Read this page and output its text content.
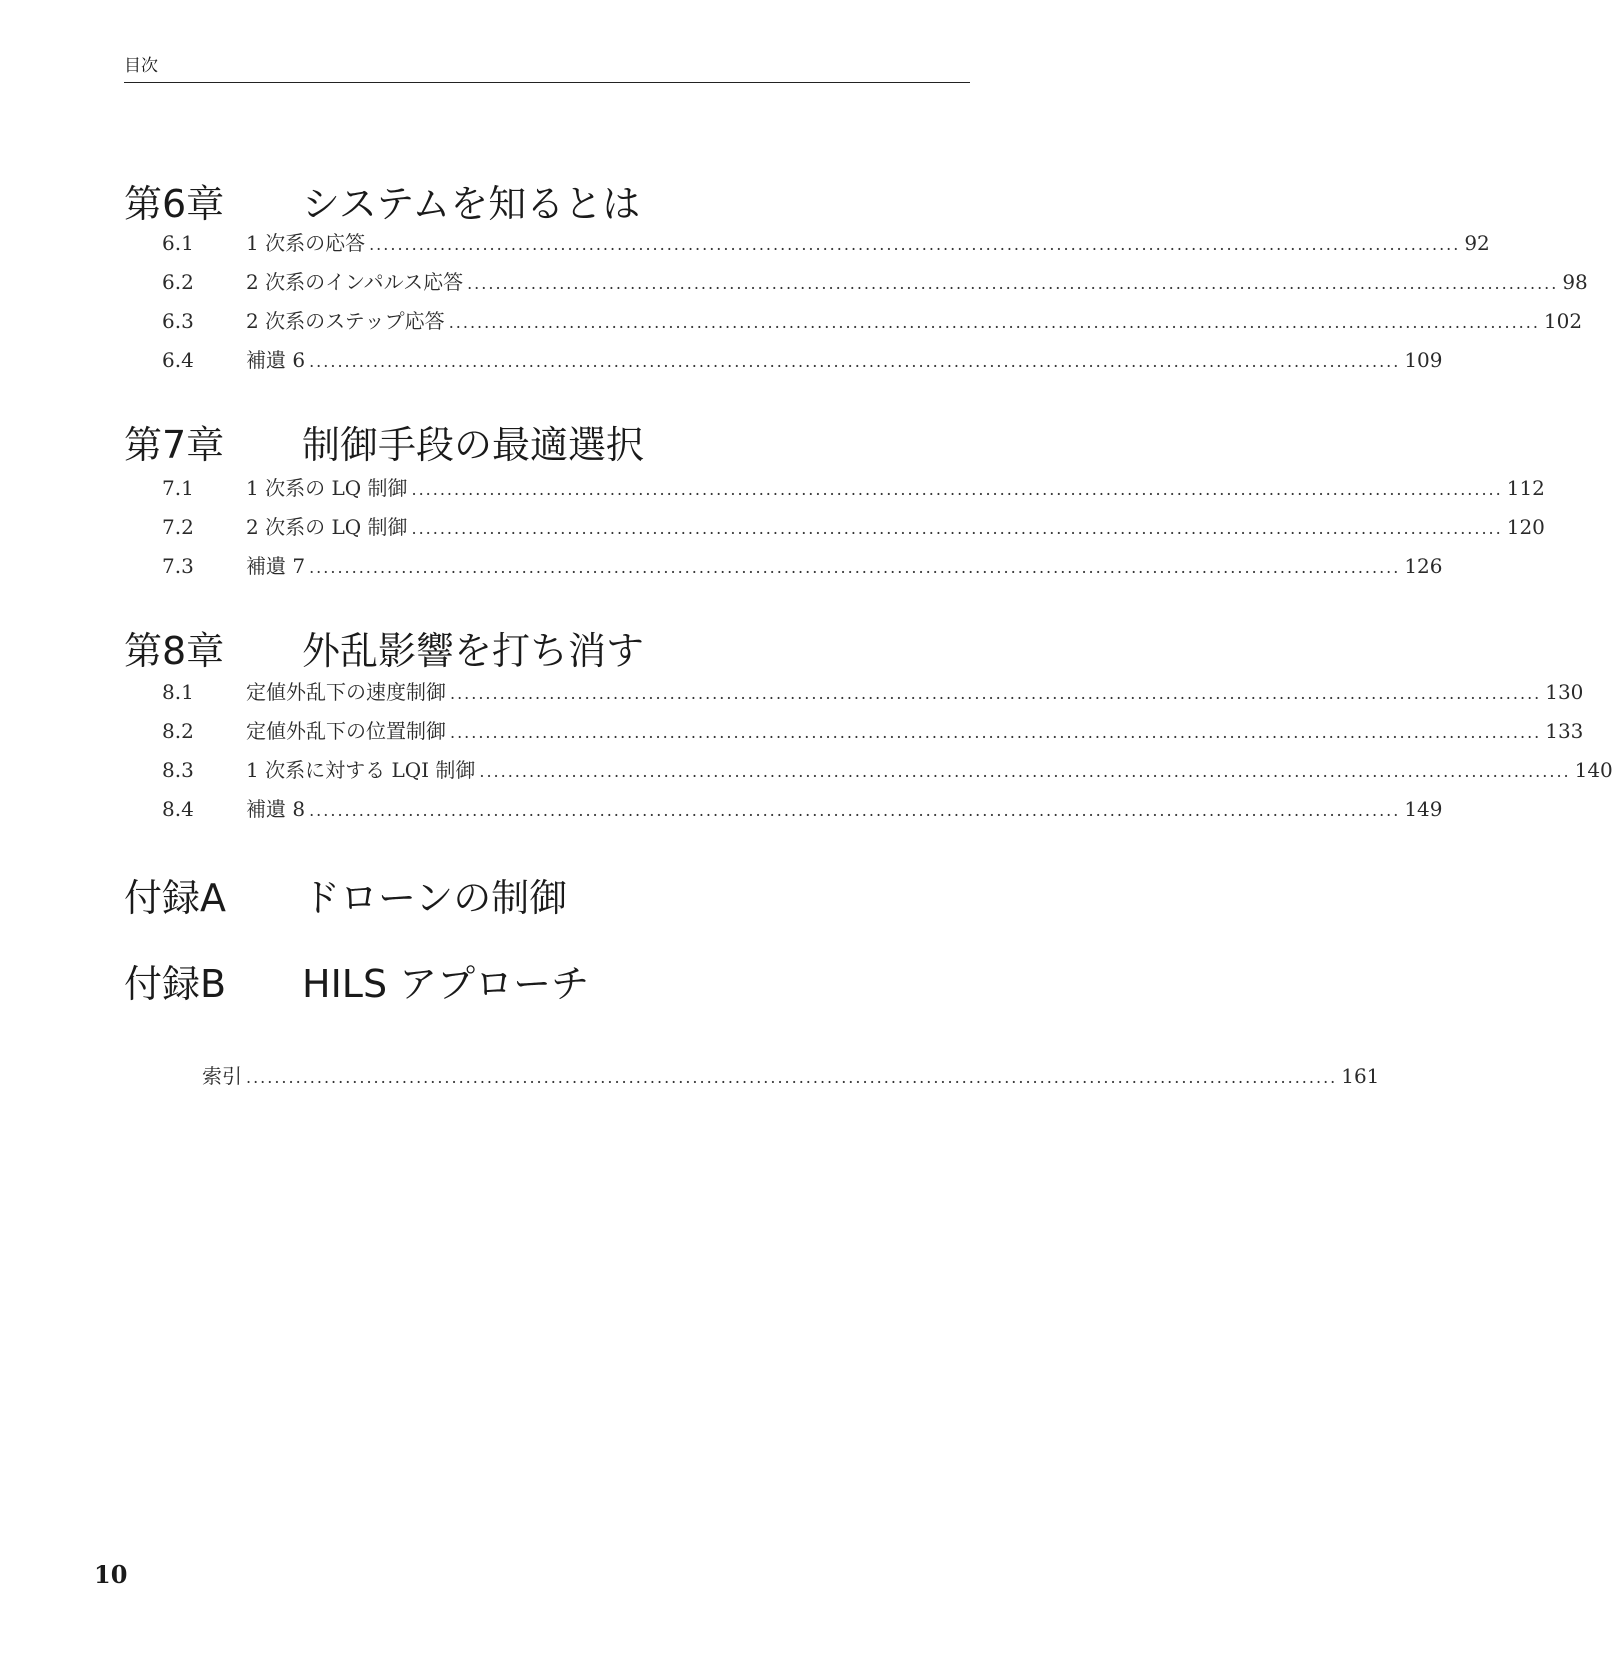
目次
第6章 システムを知るとは
6.1	1 次系の応答 .......................................................................................................................................................... 92
6.2	2 次系のインパルス応答 .......................................................................................................................................................... 98
6.3	2 次系のステップ応答 .......................................................................................................................................................... 102
6.4	補遺 6 .......................................................................................................................................................... 109
第7章 制御手段の最適選択
7.1	1 次系の LQ 制御 .......................................................................................................................................................... 112
7.2	2 次系の LQ 制御 .......................................................................................................................................................... 120
7.3	補遺 7 .......................................................................................................................................................... 126
第8章 外乱影響を打ち消す
8.1	定値外乱下の速度制御 .......................................................................................................................................................... 130
8.2	定値外乱下の位置制御 .......................................................................................................................................................... 133
8.3	1 次系に対する LQI 制御 .......................................................................................................................................................... 140
8.4	補遺 8 .......................................................................................................................................................... 149
付録A ドローンの制御
付録B HILS アプローチ
索引 .......................................................................................................................................................... 161
10
